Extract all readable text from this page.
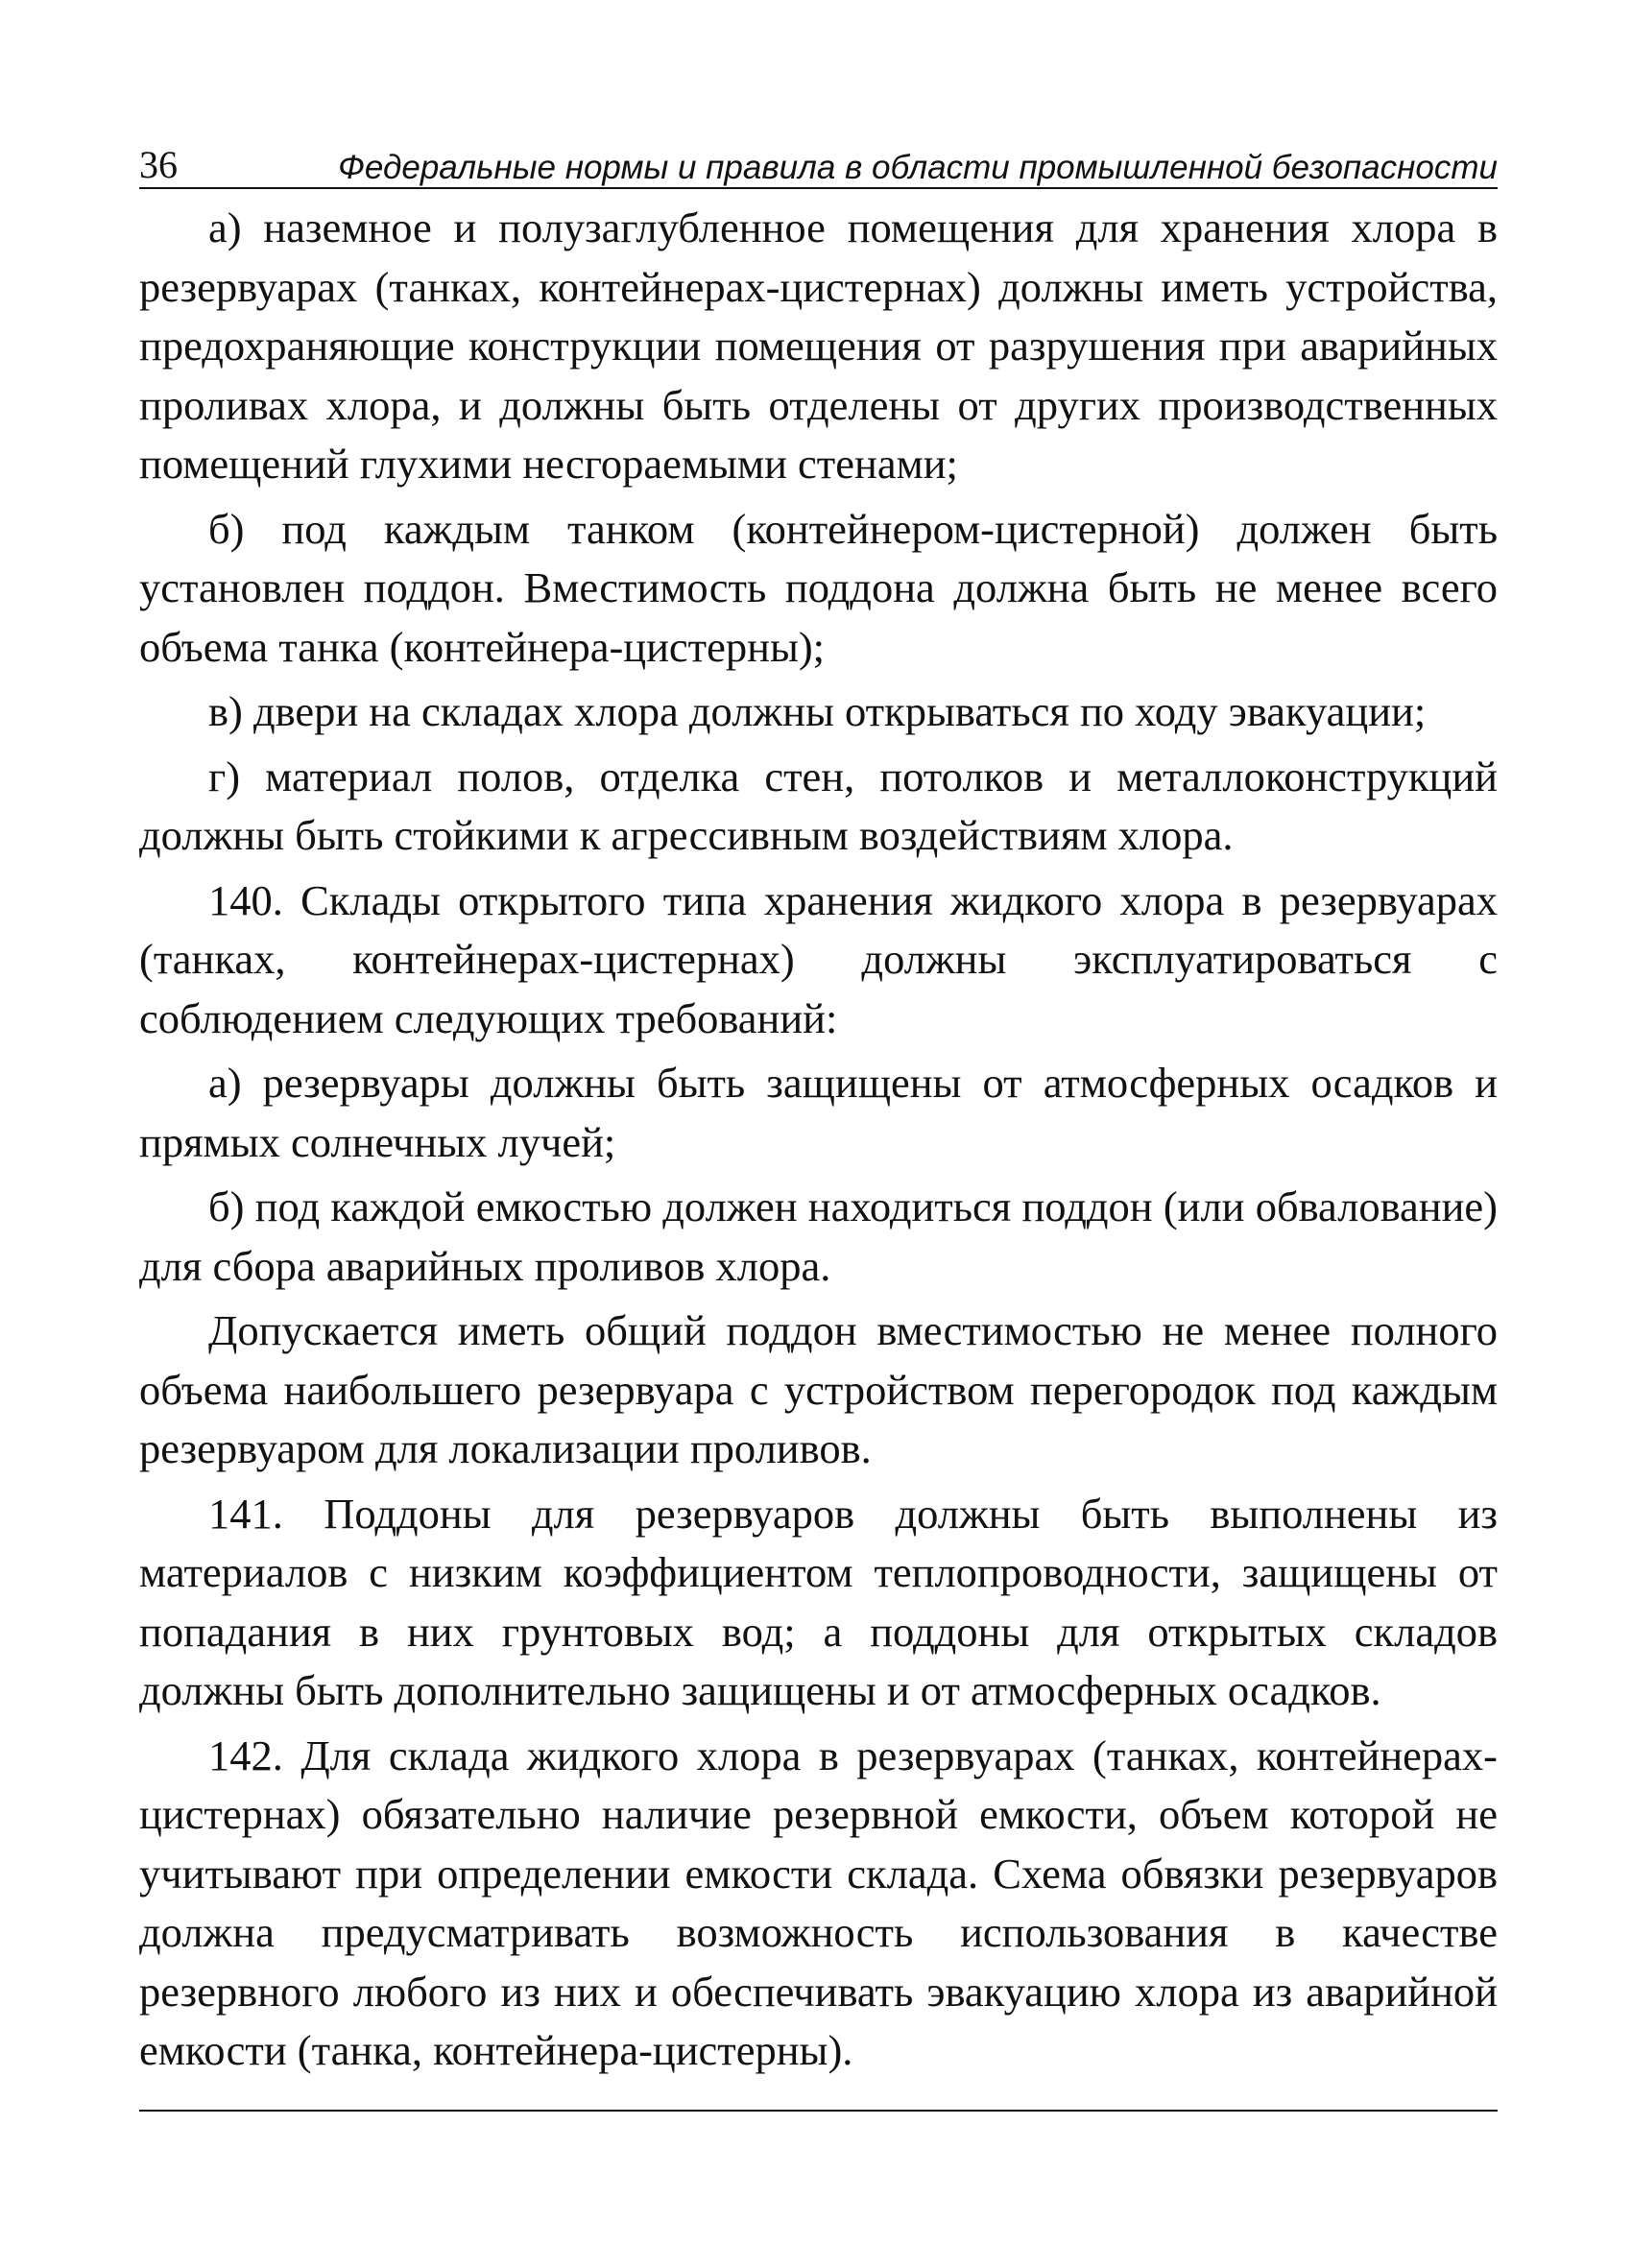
36	Федеральные нормы и правила в области промышленной безопасности

а) наземное и полузаглубленное помещения для хранения хлора в резервуарах (танках, контейнерах-цистернах) должны иметь устройства, предохраняющие конструкции помещения от разрушения при аварийных проливах хлора, и должны быть отделены от других производственных помещений глухими несгораемыми стенами;

б) под каждым танком (контейнером-цистерной) должен быть установлен поддон. Вместимость поддона должна быть не менее всего объема танка (контейнера-цистерны);

в) двери на складах хлора должны открываться по ходу эвакуации;

г) материал полов, отделка стен, потолков и металлоконструкций должны быть стойкими к агрессивным воздействиям хлора.

140. Склады открытого типа хранения жидкого хлора в резервуарах (танках, контейнерах-цистернах) должны эксплуатироваться с соблюдением следующих требований:

а) резервуары должны быть защищены от атмосферных осадков и прямых солнечных лучей;

б) под каждой емкостью должен находиться поддон (или обвалование) для сбора аварийных проливов хлора.

Допускается иметь общий поддон вместимостью не менее полного объема наибольшего резервуара с устройством перегородок под каждым резервуаром для локализации проливов.

141. Поддоны для резервуаров должны быть выполнены из материалов с низким коэффициентом теплопроводности, защищены от попадания в них грунтовых вод; а поддоны для открытых складов должны быть дополнительно защищены и от атмосферных осадков.

142. Для склада жидкого хлора в резервуарах (танках, контейнерах-цистернах) обязательно наличие резервной емкости, объем которой не учитывают при определении емкости склада. Схема обвязки резервуаров должна предусматривать возможность использования в качестве резервного любого из них и обеспечивать эвакуацию хлора из аварийной емкости (танка, контейнера-цистерны).
